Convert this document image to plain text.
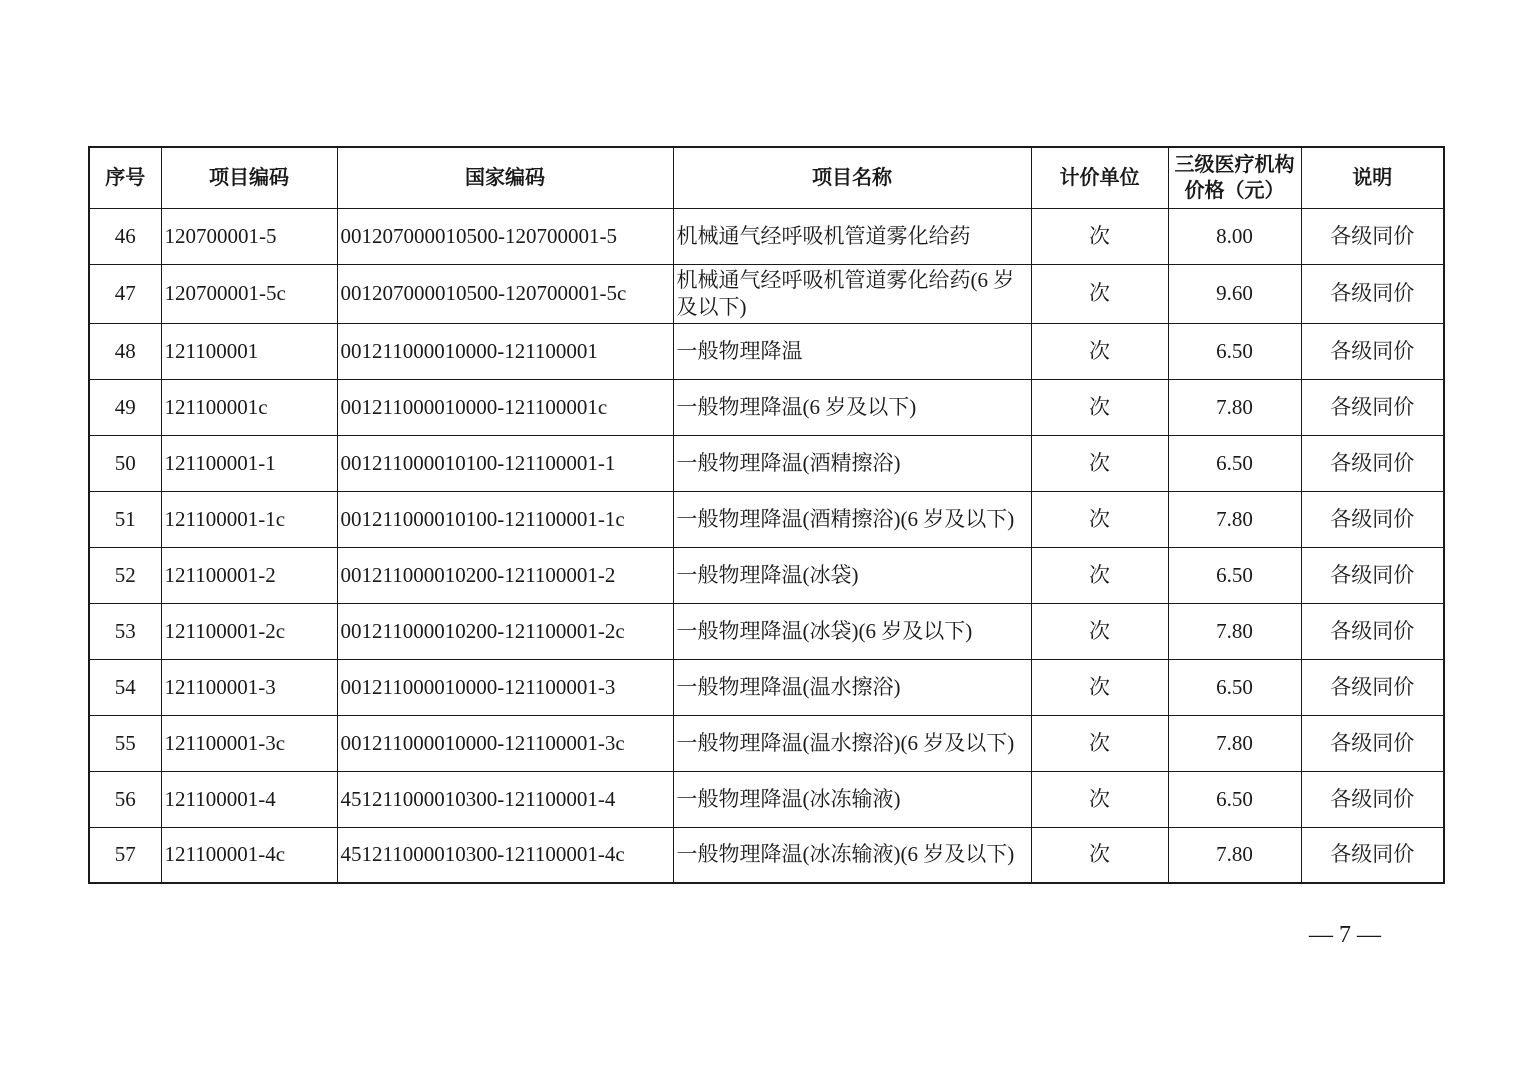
序号	项目编码	国家编码	项目名称	计价单位	三级医疗机构价格（元）	说明
46	120700001-5	001207000010500-120700001-5	机械通气经呼吸机管道雾化给药	次	8.00	各级同价
47	120700001-5c	001207000010500-120700001-5c	机械通气经呼吸机管道雾化给药(6 岁及以下)	次	9.60	各级同价
48	121100001	001211000010000-121100001	一般物理降温	次	6.50	各级同价
49	121100001c	001211000010000-121100001c	一般物理降温(6 岁及以下)	次	7.80	各级同价
50	121100001-1	001211000010100-121100001-1	一般物理降温(酒精擦浴)	次	6.50	各级同价
51	121100001-1c	001211000010100-121100001-1c	一般物理降温(酒精擦浴)(6 岁及以下)	次	7.80	各级同价
52	121100001-2	001211000010200-121100001-2	一般物理降温(冰袋)	次	6.50	各级同价
53	121100001-2c	001211000010200-121100001-2c	一般物理降温(冰袋)(6 岁及以下)	次	7.80	各级同价
54	121100001-3	001211000010000-121100001-3	一般物理降温(温水擦浴)	次	6.50	各级同价
55	121100001-3c	001211000010000-121100001-3c	一般物理降温(温水擦浴)(6 岁及以下)	次	7.80	各级同价
56	121100001-4	451211000010300-121100001-4	一般物理降温(冰冻输液)	次	6.50	各级同价
57	121100001-4c	451211000010300-121100001-4c	一般物理降温(冰冻输液)(6 岁及以下)	次	7.80	各级同价
— 7 —
